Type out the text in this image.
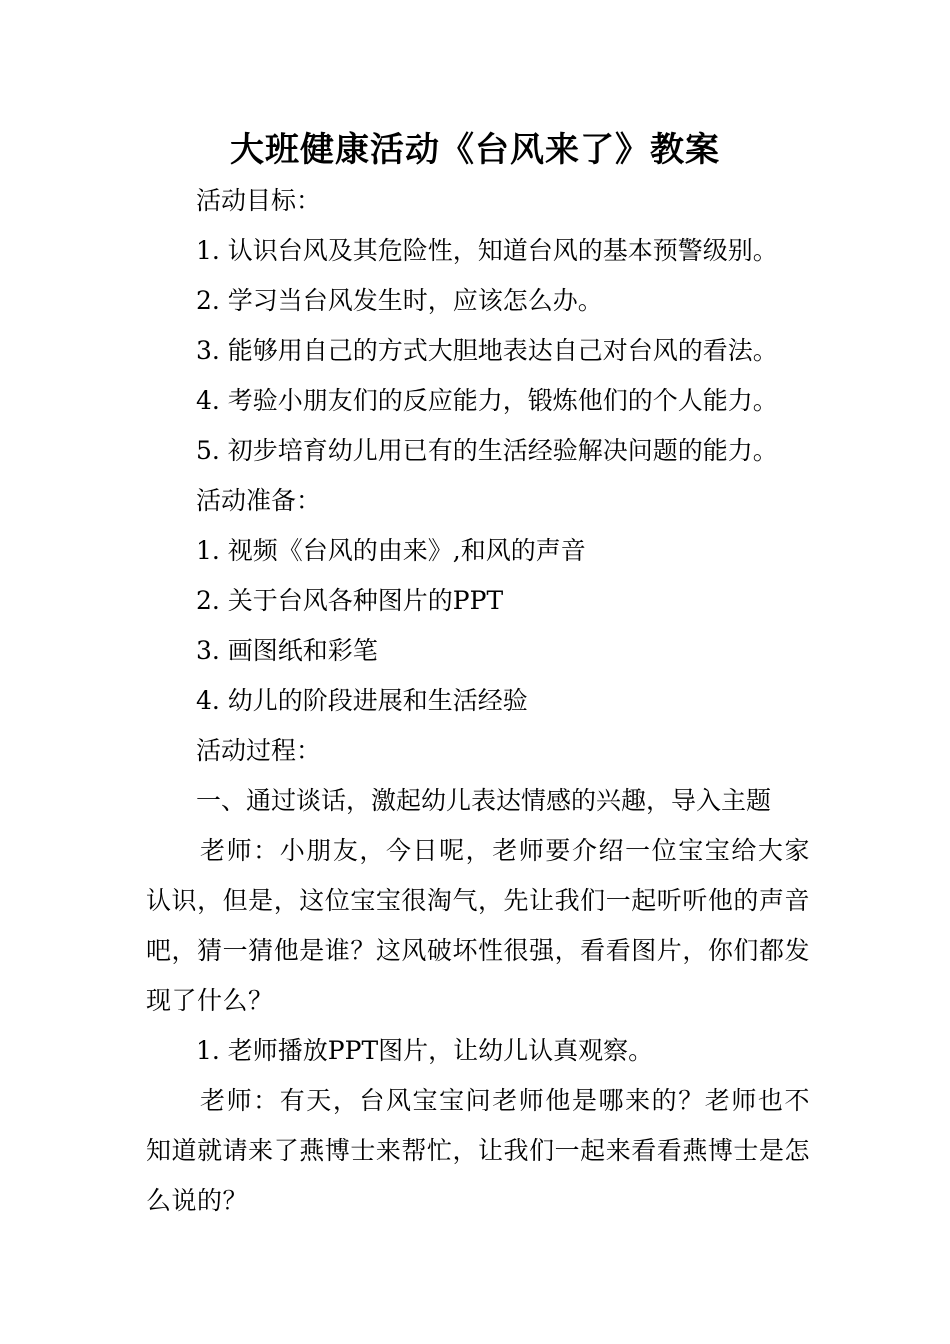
大班健康活动《台风来了》教案

活动目标：

1. 认识台风及其危险性，知道台风的基本预警级别。

2. 学习当台风发生时，应该怎么办。

3. 能够用自己的方式大胆地表达自己对台风的看法。

4. 考验小朋友们的反应能力，锻炼他们的个人能力。

5. 初步培育幼儿用已有的生活经验解决问题的能力。

活动准备：

1. 视频《台风的由来》,和风的声音

2. 关于台风各种图片的PPT

3. 画图纸和彩笔

4. 幼儿的阶段进展和生活经验

活动过程：

一、通过谈话，激起幼儿表达情感的兴趣，导入主题

老师：小朋友，今日呢，老师要介绍一位宝宝给大家认识，但是，这位宝宝很淘气，先让我们一起听听他的声音吧，猜一猜他是谁？这风破坏性很强，看看图片，你们都发现了什么？

1. 老师播放PPT图片，让幼儿认真观察。

老师：有天，台风宝宝问老师他是哪来的？老师也不知道就请来了燕博士来帮忙，让我们一起来看看燕博士是怎么说的？
